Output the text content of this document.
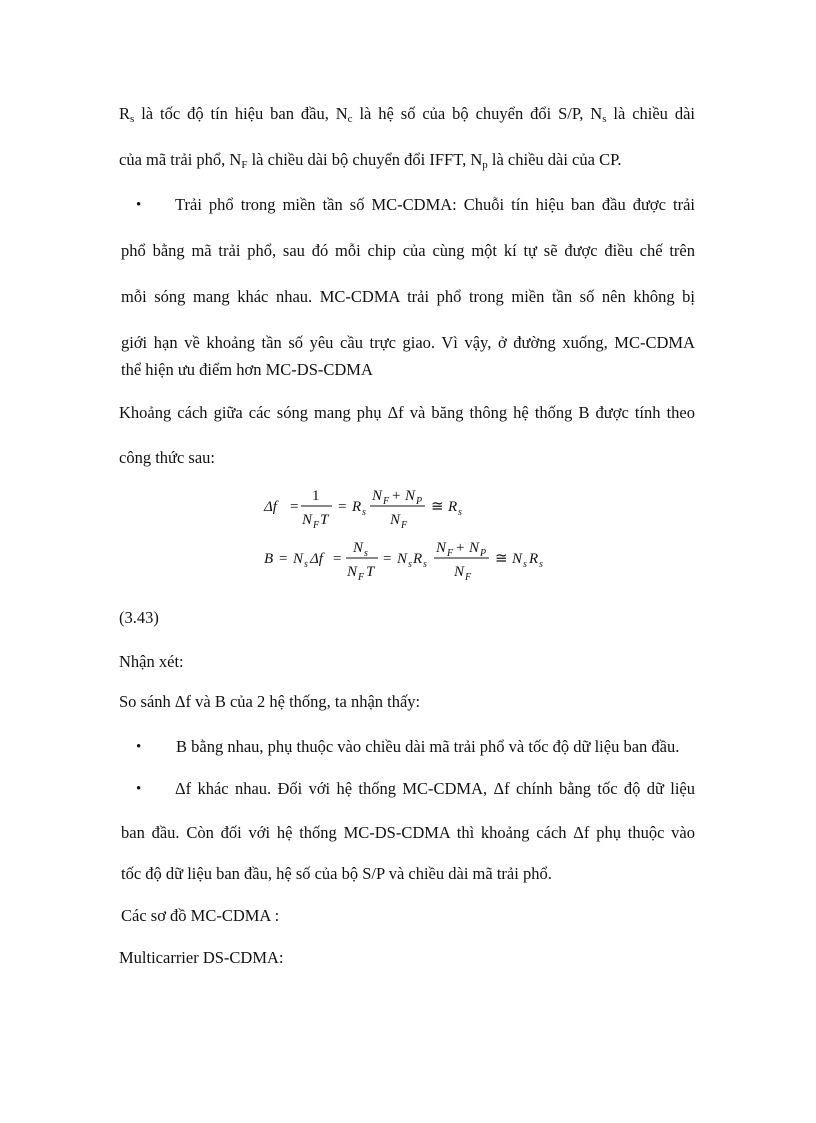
$R_s$ là tốc độ tín hiệu ban đầu, $N_c$ là hệ số của bộ chuyển đổi S/P, $N_s$ là chiều dài
của mã trải phổ, $N_F$ là chiều dài bộ chuyển đổi IFFT, $N_p$ là chiều dài của CP.
• Trải phổ trong miền tần số MC-CDMA: Chuỗi tín hiệu ban đầu được trải
phổ bằng mã trải phổ, sau đó mỗi chip của cùng một kí tự sẽ được điều chế trên
mỗi sóng mang khác nhau. MC-CDMA trải phổ trong miền tần số nên không bị
giới hạn về khoảng tần số yêu cầu trực giao. Vì vậy, ở đường xuống, MC-CDMA
thể hiện ưu điểm hơn MC-DS-CDMA
Khoảng cách giữa các sóng mang phụ Δf và băng thông hệ thống B được tính theo
công thức sau:
Δf =
1
N F T
= R s
N F + N P
N F
≅ R s
B = N s Δf =
N s
N F T
= N s R s
N F + N P
N F
≅ N s R s
(3.43)
Nhận xét:
So sánh Δf và B của 2 hệ thống, ta nhận thấy:
• B bằng nhau, phụ thuộc vào chiều dài mã trải phổ và tốc độ dữ liệu ban đầu.
• Δf khác nhau. Đối với hệ thống MC-CDMA, Δf chính bằng tốc độ dữ liệu
ban đầu. Còn đối với hệ thống MC-DS-CDMA thì khoảng cách Δf phụ thuộc vào
tốc độ dữ liệu ban đầu, hệ số của bộ S/P và chiều dài mã trải phổ.
Các sơ đồ MC-CDMA :
Multicarrier DS-CDMA:
